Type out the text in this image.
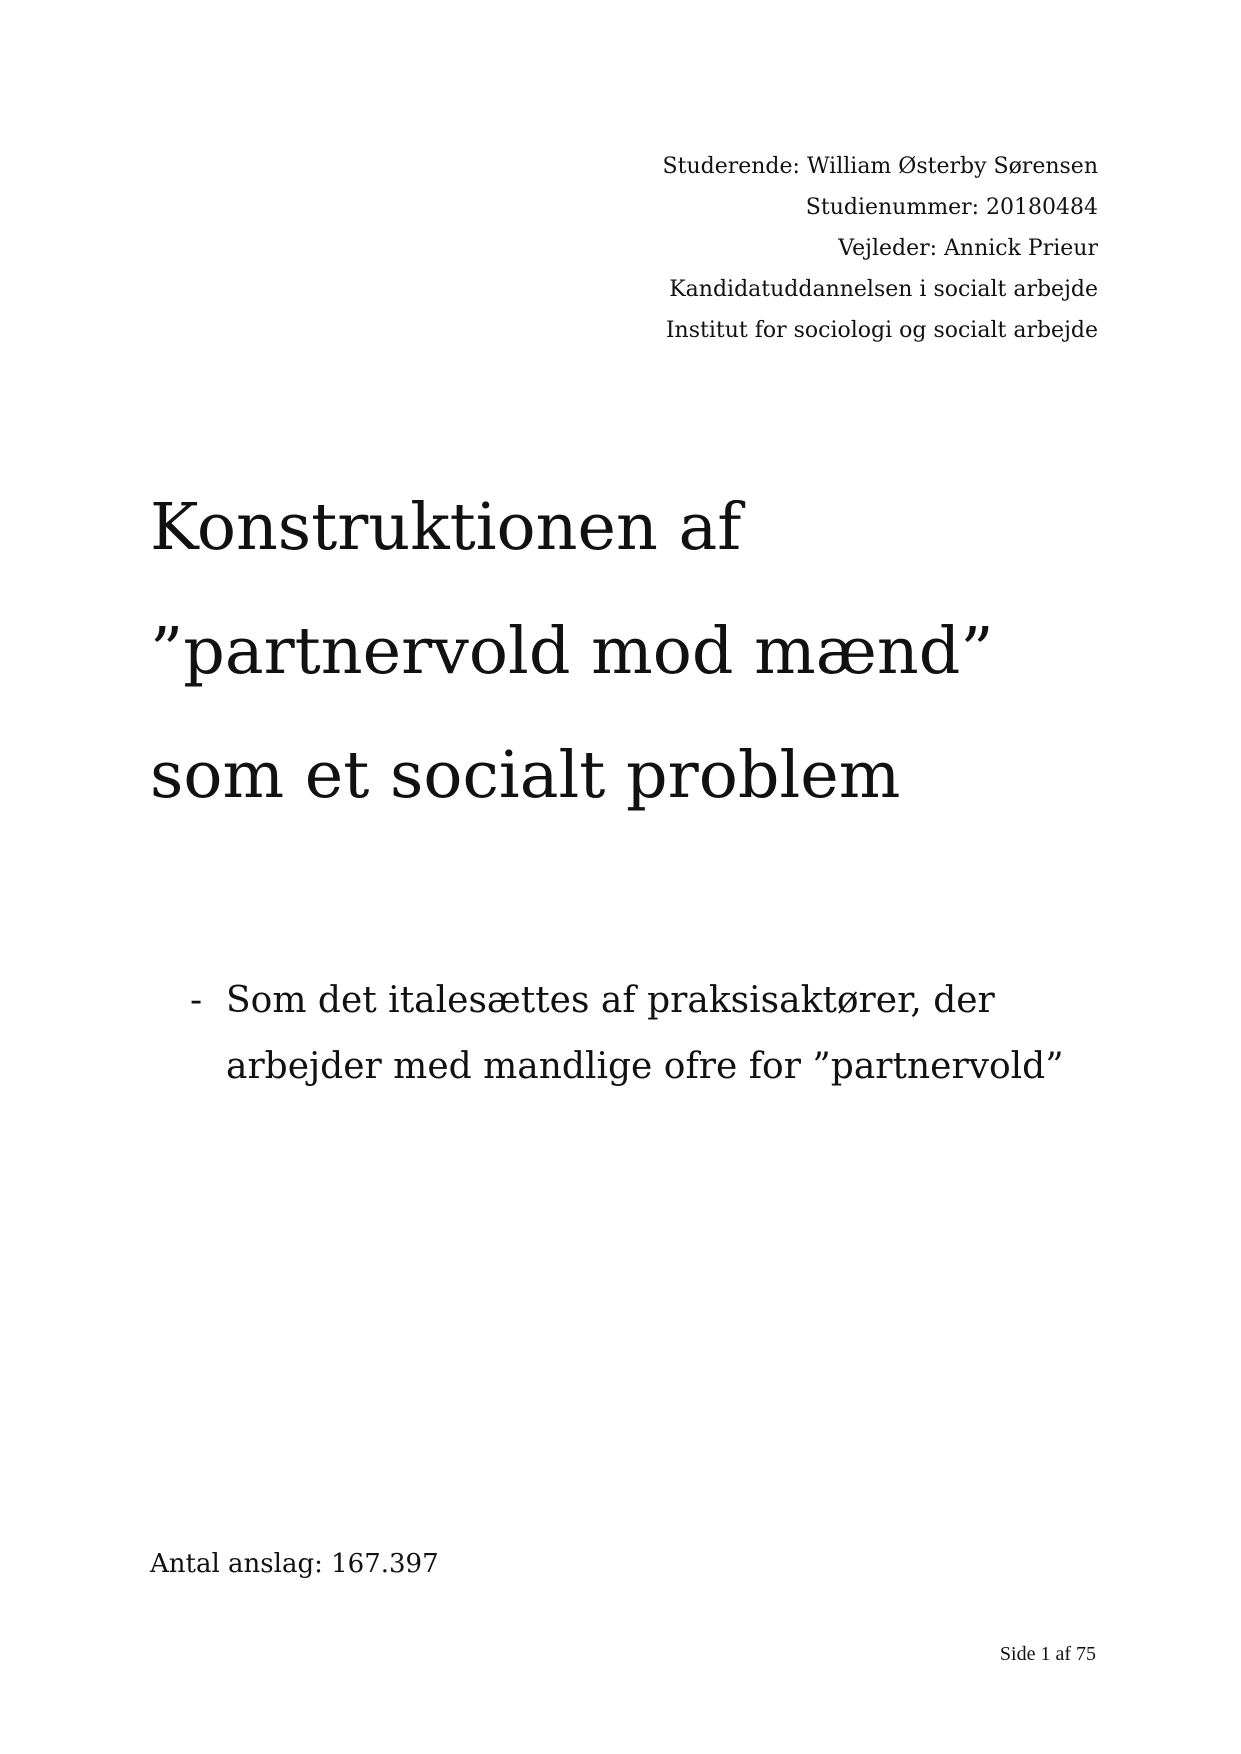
Studerende: William Østerby Sørensen
Studienummer: 20180484
Vejleder: Annick Prieur
Kandidatuddannelsen i socialt arbejde
Institut for sociologi og socialt arbejde
Konstruktionen af
”partnervold mod mænd”
som et socialt problem
- Som det italesættes af praksisaktører, der
arbejder med mandlige ofre for ”partnervold”
Antal anslag: 167.397
Side 1 af 75
